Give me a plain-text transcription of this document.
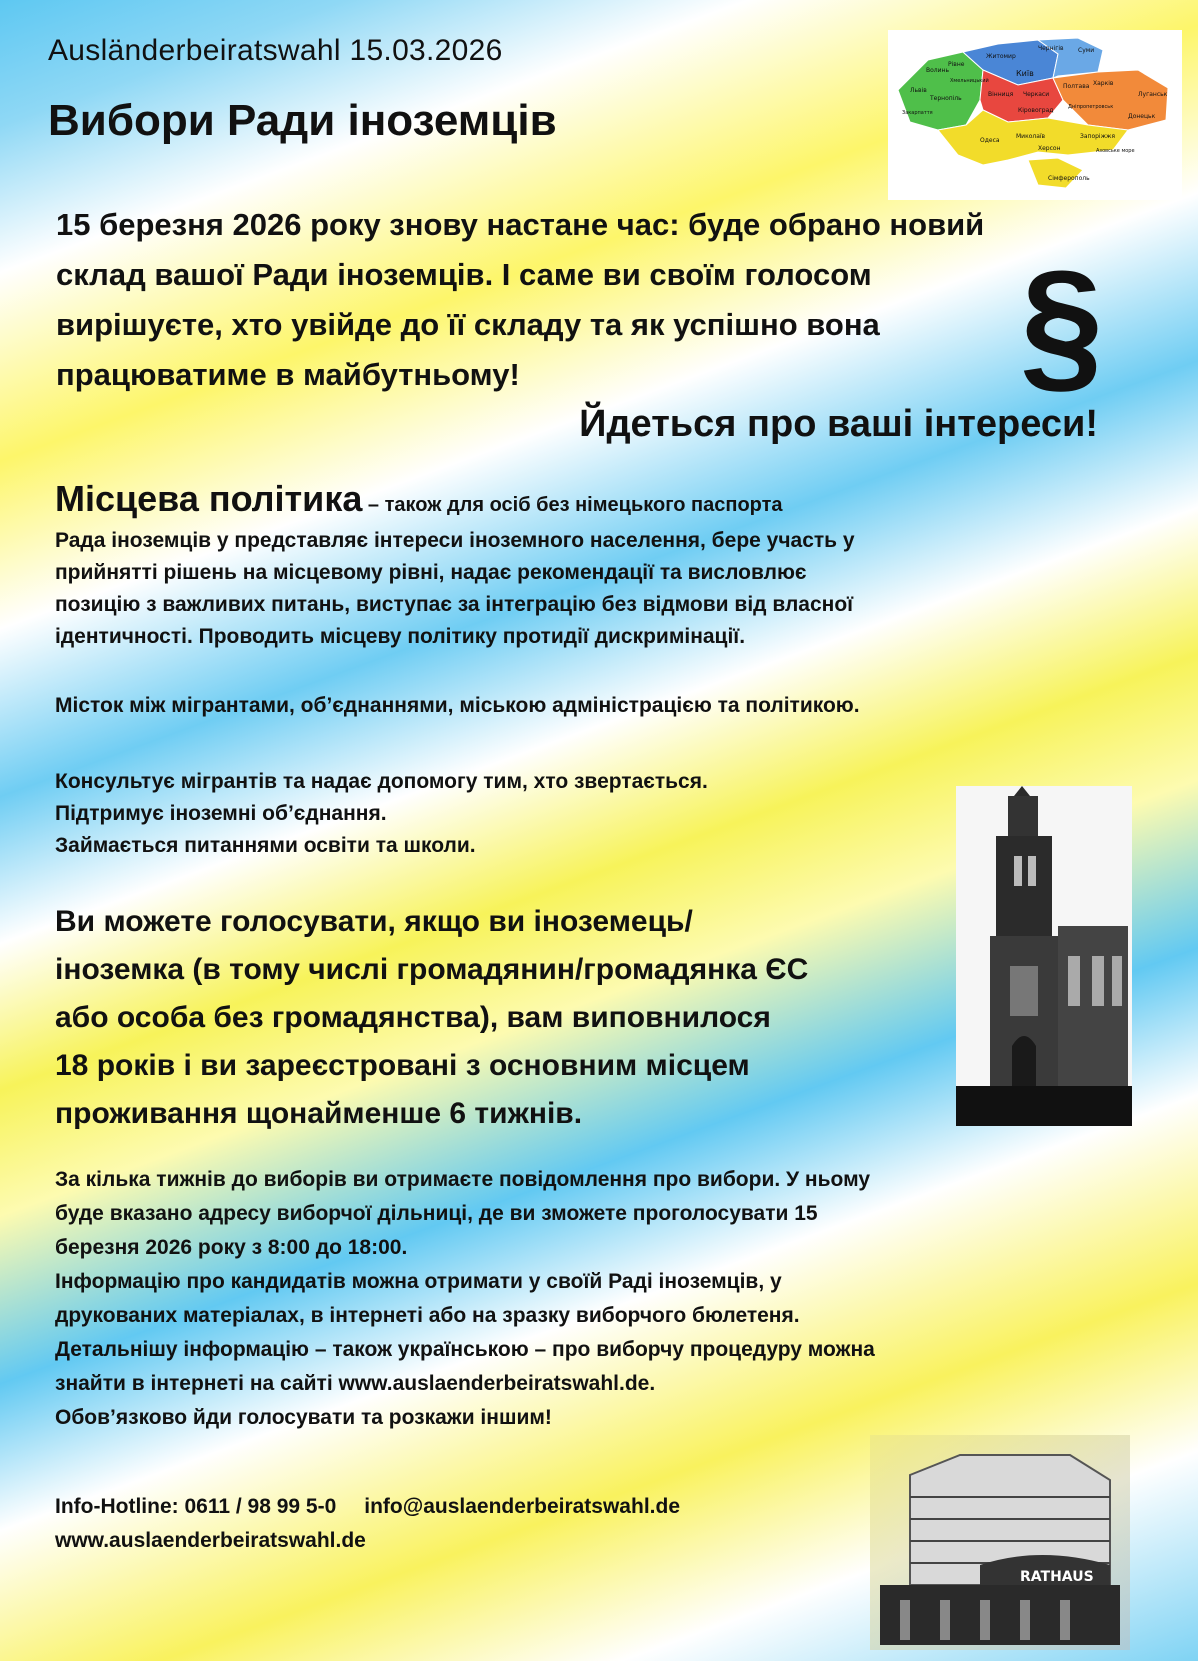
Ausländerbeiratswahl 15.03.2026
Вибори Ради іноземців
Київ
Житомир
Чернігів Суми
Харків
Луганськ
Донецьк
Дніпропетровськ
Полтава
Черкаси
Вінниця
Хмельницький
Рівне
Волинь
Львів
Тернопіль
Закарпаття
Одеса
Миколаїв
Херсон
Запоріжжя
Кіровоград
Азовське море
Сімферополь
15 березня 2026 року знову настане час: буде обрано новий
склад вашої Ради іноземців. І саме ви своїм голосом
вирішуєте, хто увійде до її складу та як успішно вона
працюватиме в майбутньому!	§
Йдеться про ваші інтереси!
Місцева політика – також для осіб без німецького паспорта
Рада іноземців у представляє інтереси іноземного населення, бере участь у
прийнятті рішень на місцевому рівні, надає рекомендації та висловлює
позицію з важливих питань, виступає за інтеграцію без відмови від власної
ідентичності. Проводить місцеву політику протидії дискримінації.
Місток між мігрантами, об’єднаннями, міською адміністрацією та політикою.
Консультує мігрантів та надає допомогу тим, хто звертається.
Підтримує іноземні об’єднання.
Займається питаннями освіти та школи.
Ви можете голосувати, якщо ви іноземець/
іноземка (в тому числі громадянин/громадянка ЄС
або особа без громадянства), вам виповнилося
18 років і ви зареєстровані з основним місцем
проживання щонайменше 6 тижнів.
За кілька тижнів до виборів ви отримаєте повідомлення про вибори. У ньому
буде вказано адресу виборчої дільниці, де ви зможете проголосувати 15
березня 2026 року з 8:00 до 18:00.
Інформацію про кандидатів можна отримати у своїй Раді іноземців, у
друкованих матеріалах, в інтернеті або на зразку виборчого бюлетеня.
Детальнішу інформацію – також українською – про виборчу процедуру можна
знайти в інтернеті на сайті www.auslaenderbeiratswahl.de.
Обов’язково йди голосувати та розкажи іншим!
Info-Hotline: 0611 / 98 99 5-0 info@auslaenderbeiratswahl.de
www.auslaenderbeiratswahl.de
RATHAUS
